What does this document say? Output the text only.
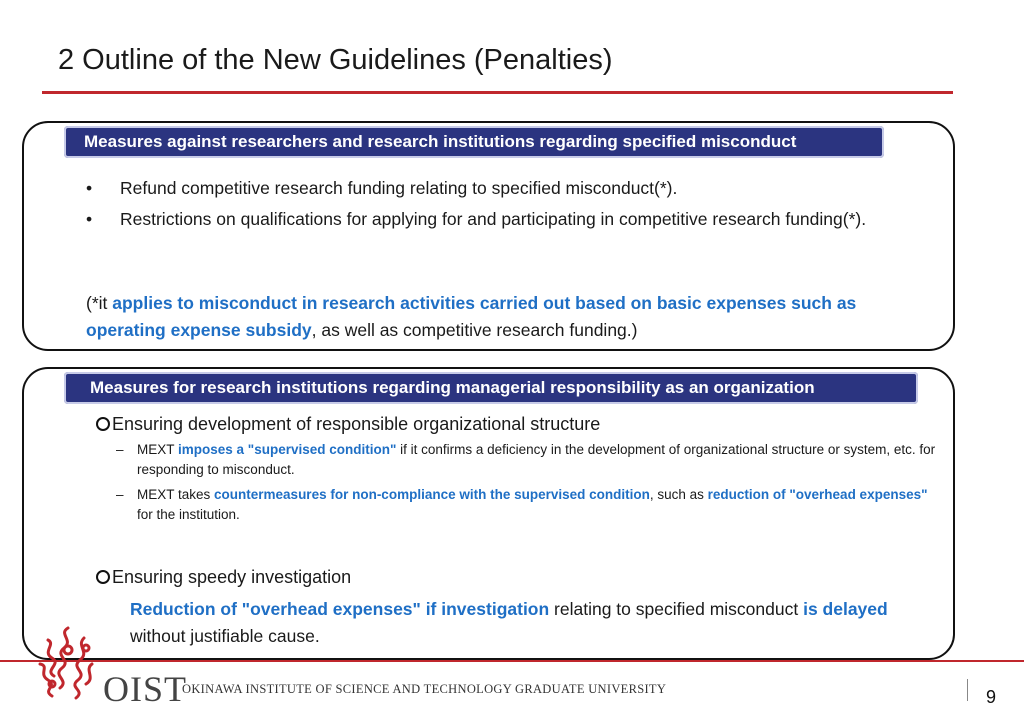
2 Outline of the New Guidelines (Penalties)
Measures against researchers and research institutions regarding specified misconduct
• Refund competitive research funding relating to specified misconduct(*).
• Restrictions on qualifications for applying for and participating in competitive research funding(*).
(*it applies to misconduct in research activities carried out based on basic expenses such as operating expense subsidy, as well as competitive research funding.)
Measures for research institutions regarding managerial responsibility as an organization
Ensuring development of responsible organizational structure
– MEXT imposes a "supervised condition" if it confirms a deficiency in the development of organizational structure or system, etc. for responding to misconduct.
– MEXT takes countermeasures for non-compliance with the supervised condition, such as reduction of "overhead expenses" for the institution.
Ensuring speedy investigation
Reduction of "overhead expenses" if investigation relating to specified misconduct is delayed without justifiable cause.
OIST
OKINAWA INSTITUTE OF SCIENCE AND TECHNOLOGY GRADUATE UNIVERSITY	9
